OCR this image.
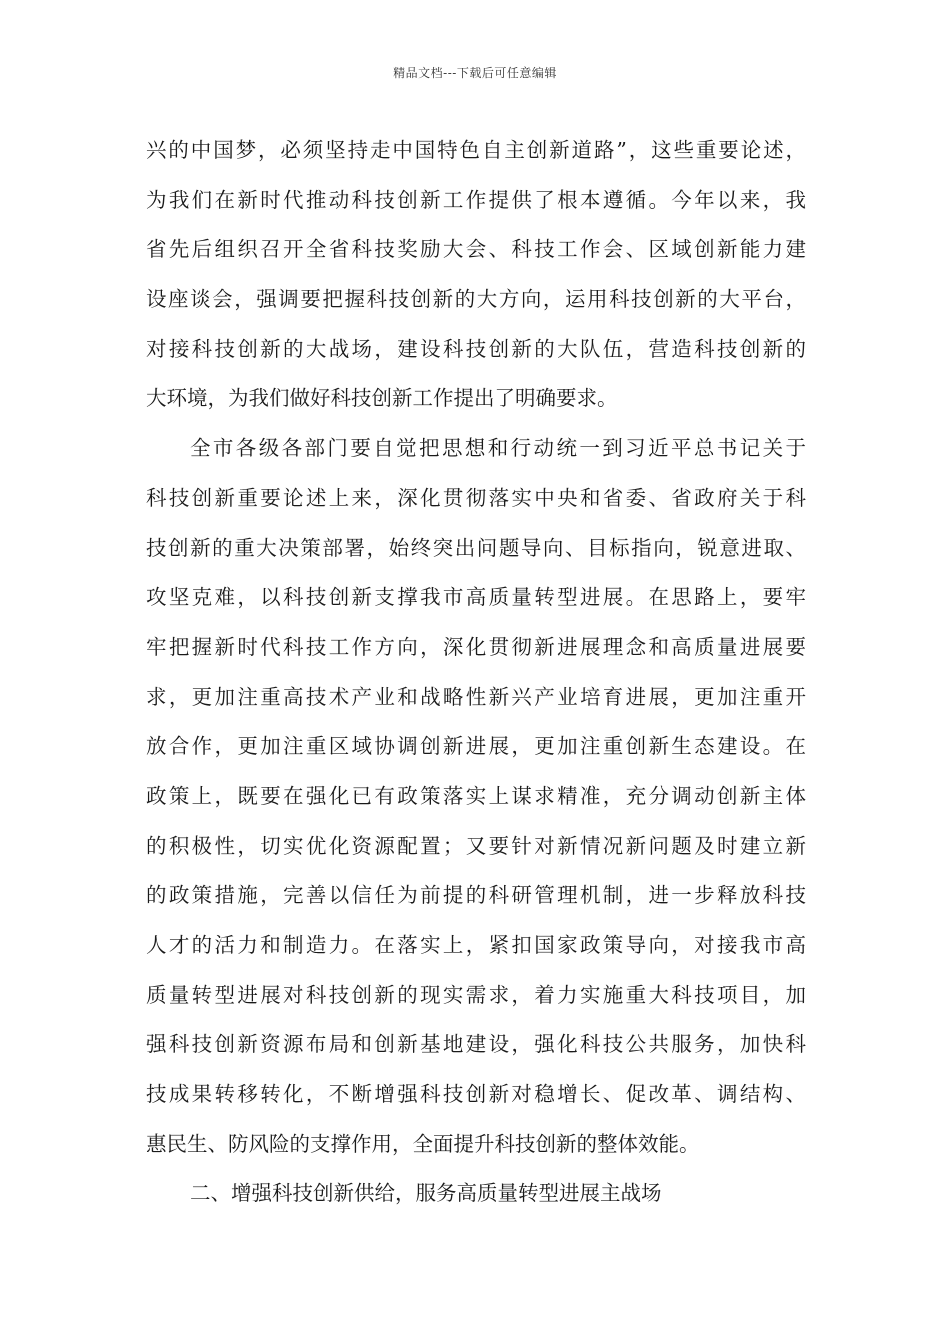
精品文档---下载后可任意编辑
兴的中国梦，必须坚持走中国特色自主创新道路”，这些重要论述，
为我们在新时代推动科技创新工作提供了根本遵循。今年以来，我
省先后组织召开全省科技奖励大会、科技工作会、区域创新能力建
设座谈会，强调要把握科技创新的大方向，运用科技创新的大平台，
对接科技创新的大战场，建设科技创新的大队伍，营造科技创新的
大环境，为我们做好科技创新工作提出了明确要求。
全市各级各部门要自觉把思想和行动统一到习近平总书记关于
科技创新重要论述上来，深化贯彻落实中央和省委、省政府关于科
技创新的重大决策部署，始终突出问题导向、目标指向，锐意进取、
攻坚克难，以科技创新支撑我市高质量转型进展。在思路上，要牢
牢把握新时代科技工作方向，深化贯彻新进展理念和高质量进展要
求，更加注重高技术产业和战略性新兴产业培育进展，更加注重开
放合作，更加注重区域协调创新进展，更加注重创新生态建设。在
政策上，既要在强化已有政策落实上谋求精准，充分调动创新主体
的积极性，切实优化资源配置；又要针对新情况新问题及时建立新
的政策措施，完善以信任为前提的科研管理机制，进一步释放科技
人才的活力和制造力。在落实上，紧扣国家政策导向，对接我市高
质量转型进展对科技创新的现实需求，着力实施重大科技项目，加
强科技创新资源布局和创新基地建设，强化科技公共服务，加快科
技成果转移转化，不断增强科技创新对稳增长、促改革、调结构、
惠民生、防风险的支撑作用，全面提升科技创新的整体效能。
二、增强科技创新供给，服务高质量转型进展主战场
